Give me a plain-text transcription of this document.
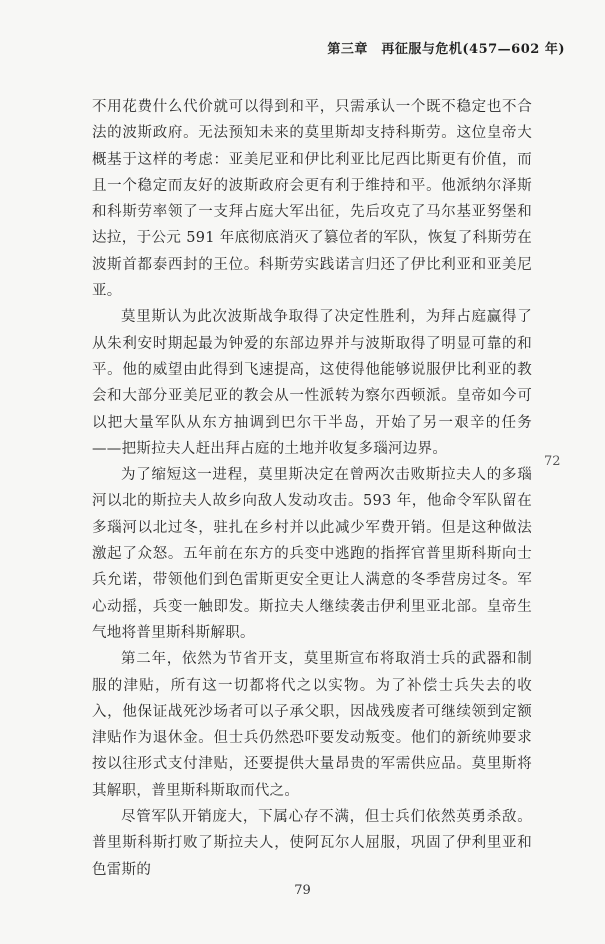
第三章　再征服与危机(457—602 年)

不用花费什么代价就可以得到和平，只需承认一个既不稳定也不合法的波斯政府。无法预知未来的莫里斯却支持科斯劳。这位皇帝大概基于这样的考虑：亚美尼亚和伊比利亚比尼西比斯更有价值，而且一个稳定而友好的波斯政府会更有利于维持和平。他派纳尔泽斯和科斯劳率领了一支拜占庭大军出征，先后攻克了马尔基亚努堡和达拉，于公元 591 年底彻底消灭了篡位者的军队，恢复了科斯劳在波斯首都泰西封的王位。科斯劳实践诺言归还了伊比利亚和亚美尼亚。

莫里斯认为此次波斯战争取得了决定性胜利，为拜占庭赢得了从朱利安时期起最为钟爱的东部边界并与波斯取得了明显可靠的和平。他的威望由此得到飞速提高，这使得他能够说服伊比利亚的教会和大部分亚美尼亚的教会从一性派转为察尔西顿派。皇帝如今可以把大量军队从东方抽调到巴尔干半岛，开始了另一艰辛的任务——把斯拉夫人赶出拜占庭的土地并收复多瑙河边界。

为了缩短这一进程，莫里斯决定在曾两次击败斯拉夫人的多瑙河以北的斯拉夫人故乡向敌人发动攻击。593 年，他命令军队留在多瑙河以北过冬，驻扎在乡村并以此减少军费开销。但是这种做法激起了众怒。五年前在东方的兵变中逃跑的指挥官普里斯科斯向士兵允诺，带领他们到色雷斯更安全更让人满意的冬季营房过冬。军心动摇，兵变一触即发。斯拉夫人继续袭击伊利里亚北部。皇帝生气地将普里斯科斯解职。

第二年，依然为节省开支，莫里斯宣布将取消士兵的武器和制服的津贴，所有这一切都将代之以实物。为了补偿士兵失去的收入，他保证战死沙场者可以子承父职，因战残废者可继续领到定额津贴作为退休金。但士兵仍然恐吓要发动叛变。他们的新统帅要求按以往形式支付津贴，还要提供大量昂贵的军需供应品。莫里斯将其解职，普里斯科斯取而代之。

尽管军队开销庞大，下属心存不满，但士兵们依然英勇杀敌。普里斯科斯打败了斯拉夫人，使阿瓦尔人屈服，巩固了伊利里亚和色雷斯的

72
79
